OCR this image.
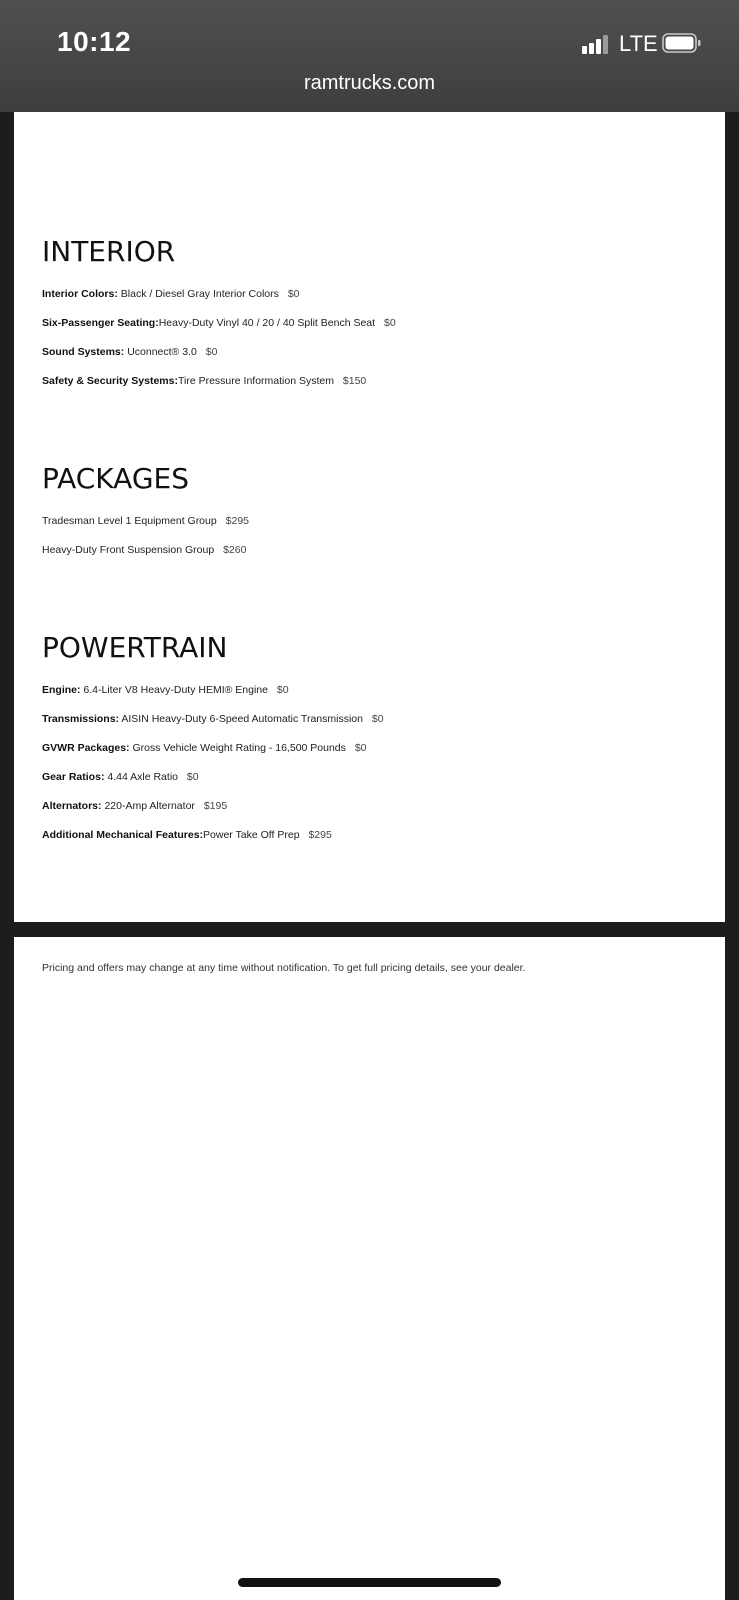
10:12	LTE
ramtrucks.com
INTERIOR
Interior Colors: Black / Diesel Gray Interior Colors $0
Six-Passenger Seating:Heavy-Duty Vinyl 40 / 20 / 40 Split Bench Seat $0
Sound Systems: Uconnect® 3.0 $0
Safety & Security Systems:Tire Pressure Information System $150
PACKAGES
Tradesman Level 1 Equipment Group $295
Heavy-Duty Front Suspension Group $260
POWERTRAIN
Engine: 6.4-Liter V8 Heavy-Duty HEMI® Engine $0
Transmissions: AISIN Heavy-Duty 6-Speed Automatic Transmission $0
GVWR Packages: Gross Vehicle Weight Rating - 16,500 Pounds $0
Gear Ratios: 4.44 Axle Ratio $0
Alternators: 220-Amp Alternator $195
Additional Mechanical Features:Power Take Off Prep $295
Pricing and offers may change at any time without notification. To get full pricing details, see your dealer.
